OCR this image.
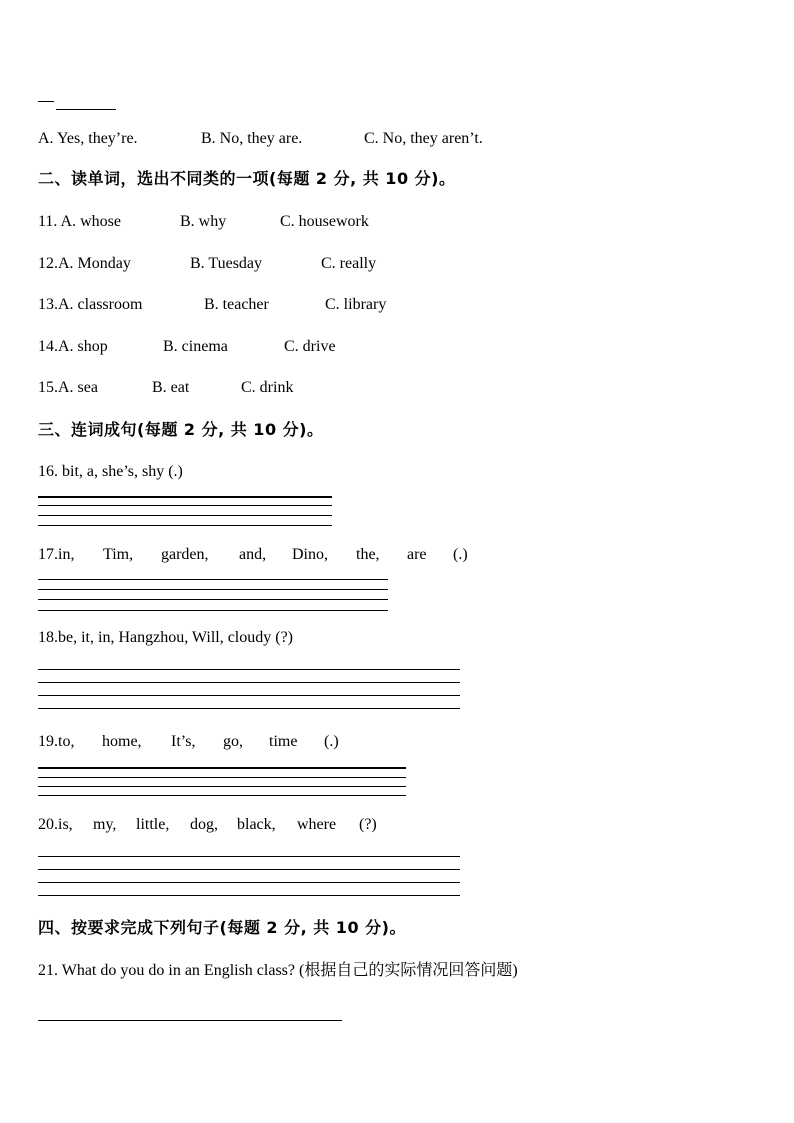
A. Yes, they’re.	B. No, they are.	C. No, they aren’t.
二、读单词，选出不同类的一项(每题 2 分, 共 10 分)。
11. A. whose	B. why	C. housework
12.A. Monday	B. Tuesday	C. really
13.A. classroom	B. teacher	C. library
14.A. shop	B. cinema	C. drive
15.A. sea	B. eat	C. drink
三、连词成句(每题 2 分, 共 10 分)。
16. bit, a, she’s, shy (.)
17.in, Tim, garden, and, Dino, the, are (.)
18.be, it, in, Hangzhou, Will, cloudy (?)
19.to, home, It’s, go, time (.)
20.is, my, little, dog, black, where (?)
四、按要求完成下列句子(每题 2 分, 共 10 分)。
21. What do you do in an English class? (根据自己的实际情况回答问题)
